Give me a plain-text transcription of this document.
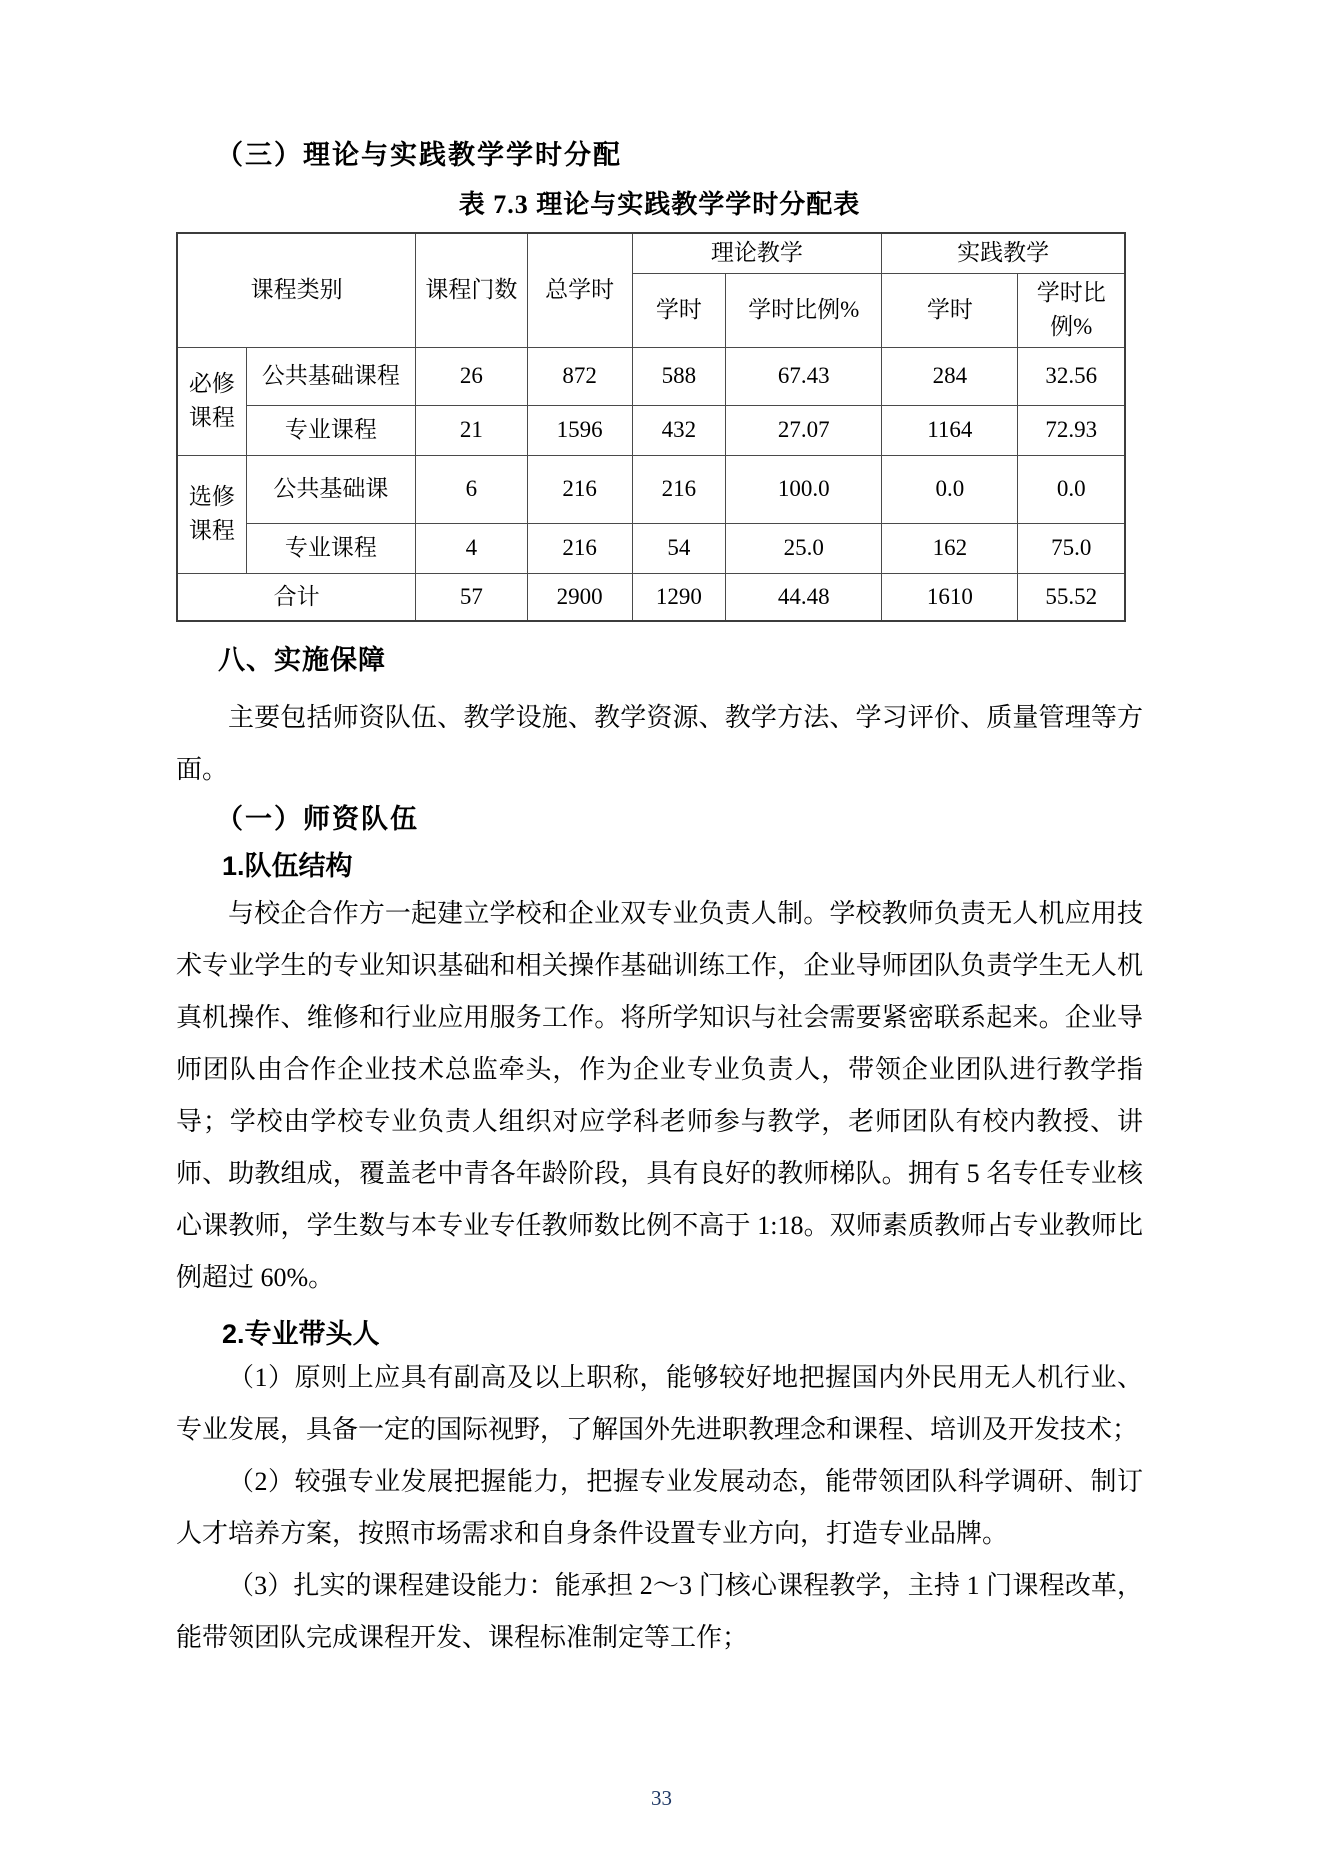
（三）理论与实践教学学时分配
表 7.3 理论与实践教学学时分配表
课程类别		课程门数	总学时	理论教学		实践教学	
				学时	学时比例%	学时	学时比例%
必修课程	公共基础课程	26	872	588	67.43	284	32.56
	专业课程	21	1596	432	27.07	1164	72.93
选修课程	公共基础课	6	216	216	100.0	0.0	0.0
	专业课程	4	216	54	25.0	162	75.0
合计		57	2900	1290	44.48	1610	55.52
八、实施保障

主要包括师资队伍、教学设施、教学资源、教学方法、学习评价、质量管理等方面。

（一）师资队伍
1.队伍结构

与校企合作方一起建立学校和企业双专业负责人制。学校教师负责无人机应用技术专业学生的专业知识基础和相关操作基础训练工作，企业导师团队负责学生无人机真机操作、维修和行业应用服务工作。将所学知识与社会需要紧密联系起来。企业导师团队由合作企业技术总监牵头，作为企业专业负责人，带领企业团队进行教学指导；学校由学校专业负责人组织对应学科老师参与教学，老师团队有校内教授、讲师、助教组成，覆盖老中青各年龄阶段，具有良好的教师梯队。拥有 5 名专任专业核心课教师，学生数与本专业专任教师数比例不高于 1:18。双师素质教师占专业教师比例超过 60%。

2.专业带头人

（1）原则上应具有副高及以上职称，能够较好地把握国内外民用无人机行业、专业发展，具备一定的国际视野，了解国外先进职教理念和课程、培训及开发技术；

（2）较强专业发展把握能力，把握专业发展动态，能带领团队科学调研、制订人才培养方案，按照市场需求和自身条件设置专业方向，打造专业品牌。

（3）扎实的课程建设能力：能承担 2～3 门核心课程教学，主持 1 门课程改革，能带领团队完成课程开发、课程标准制定等工作；

33
